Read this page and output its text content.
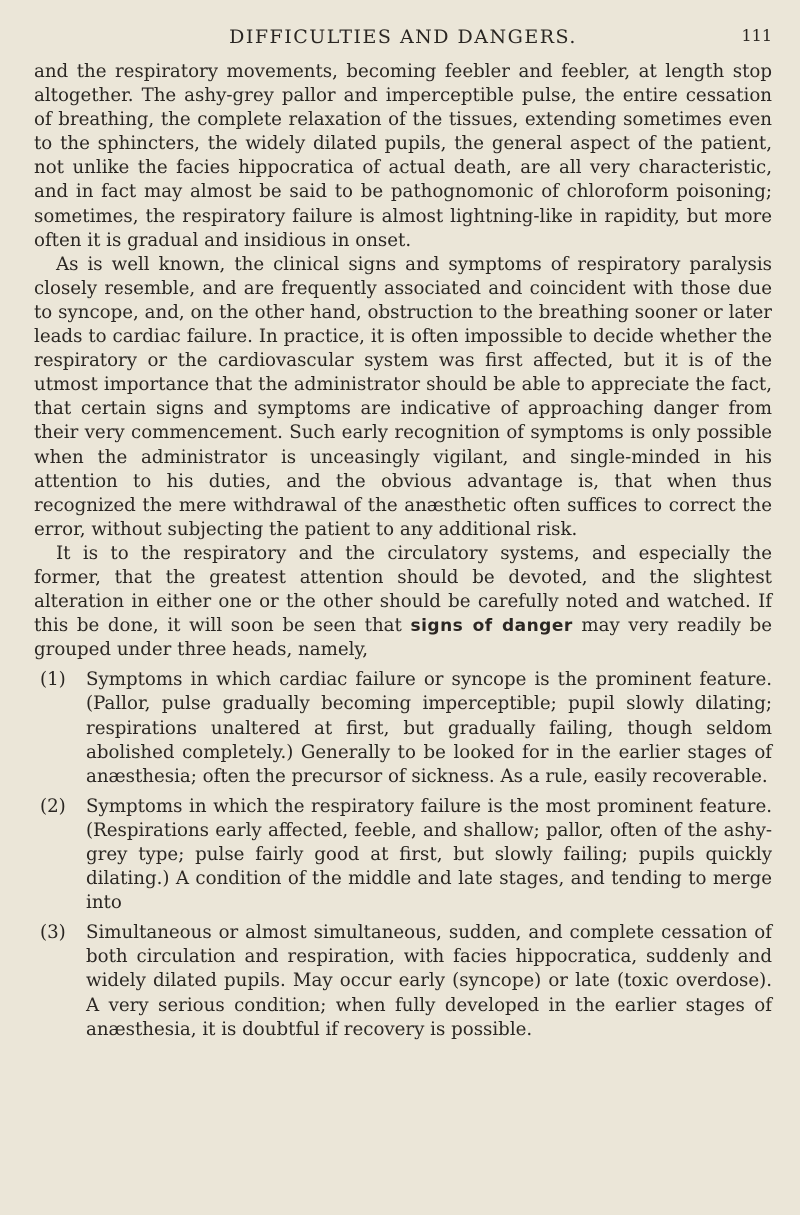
DIFFICULTIES AND DANGERS.	111

and the respiratory movements, becoming feebler and feebler, at length stop altogether. The ashy-grey pallor and imperceptible pulse, the entire cessation of breathing, the complete relaxation of the tissues, extending sometimes even to the sphincters, the widely dilated pupils, the general aspect of the patient, not unlike the facies hippocratica of actual death, are all very characteristic, and in fact may almost be said to be pathognomonic of chloroform poisoning; sometimes, the respiratory failure is almost lightning-like in rapidity, but more often it is gradual and insidious in onset.

As is well known, the clinical signs and symptoms of respiratory paralysis closely resemble, and are frequently associated and coincident with those due to syncope, and, on the other hand, obstruction to the breathing sooner or later leads to cardiac failure. In practice, it is often impossible to decide whether the respiratory or the cardiovascular system was first affected, but it is of the utmost importance that the administrator should be able to appreciate the fact, that certain signs and symptoms are indicative of approaching danger from their very commencement. Such early recognition of symptoms is only possible when the administrator is unceasingly vigilant, and single-minded in his attention to his duties, and the obvious advantage is, that when thus recognized the mere withdrawal of the anæsthetic often suffices to correct the error, without subjecting the patient to any additional risk.

It is to the respiratory and the circulatory systems, and especially the former, that the greatest attention should be devoted, and the slightest alteration in either one or the other should be carefully noted and watched. If this be done, it will soon be seen that signs of danger may very readily be grouped under three heads, namely,

(1) Symptoms in which cardiac failure or syncope is the prominent feature. (Pallor, pulse gradually becoming imperceptible; pupil slowly dilating; respirations unaltered at first, but gradually failing, though seldom abolished completely.) Generally to be looked for in the earlier stages of anæsthesia; often the precursor of sickness. As a rule, easily recoverable.
(2) Symptoms in which the respiratory failure is the most prominent feature. (Respirations early affected, feeble, and shallow; pallor, often of the ashy-grey type; pulse fairly good at first, but slowly failing; pupils quickly dilating.) A condition of the middle and late stages, and tending to merge into
(3) Simultaneous or almost simultaneous, sudden, and complete cessation of both circulation and respiration, with facies hippocratica, suddenly and widely dilated pupils. May occur early (syncope) or late (toxic overdose). A very serious condition; when fully developed in the earlier stages of anæsthesia, it is doubtful if recovery is possible.
